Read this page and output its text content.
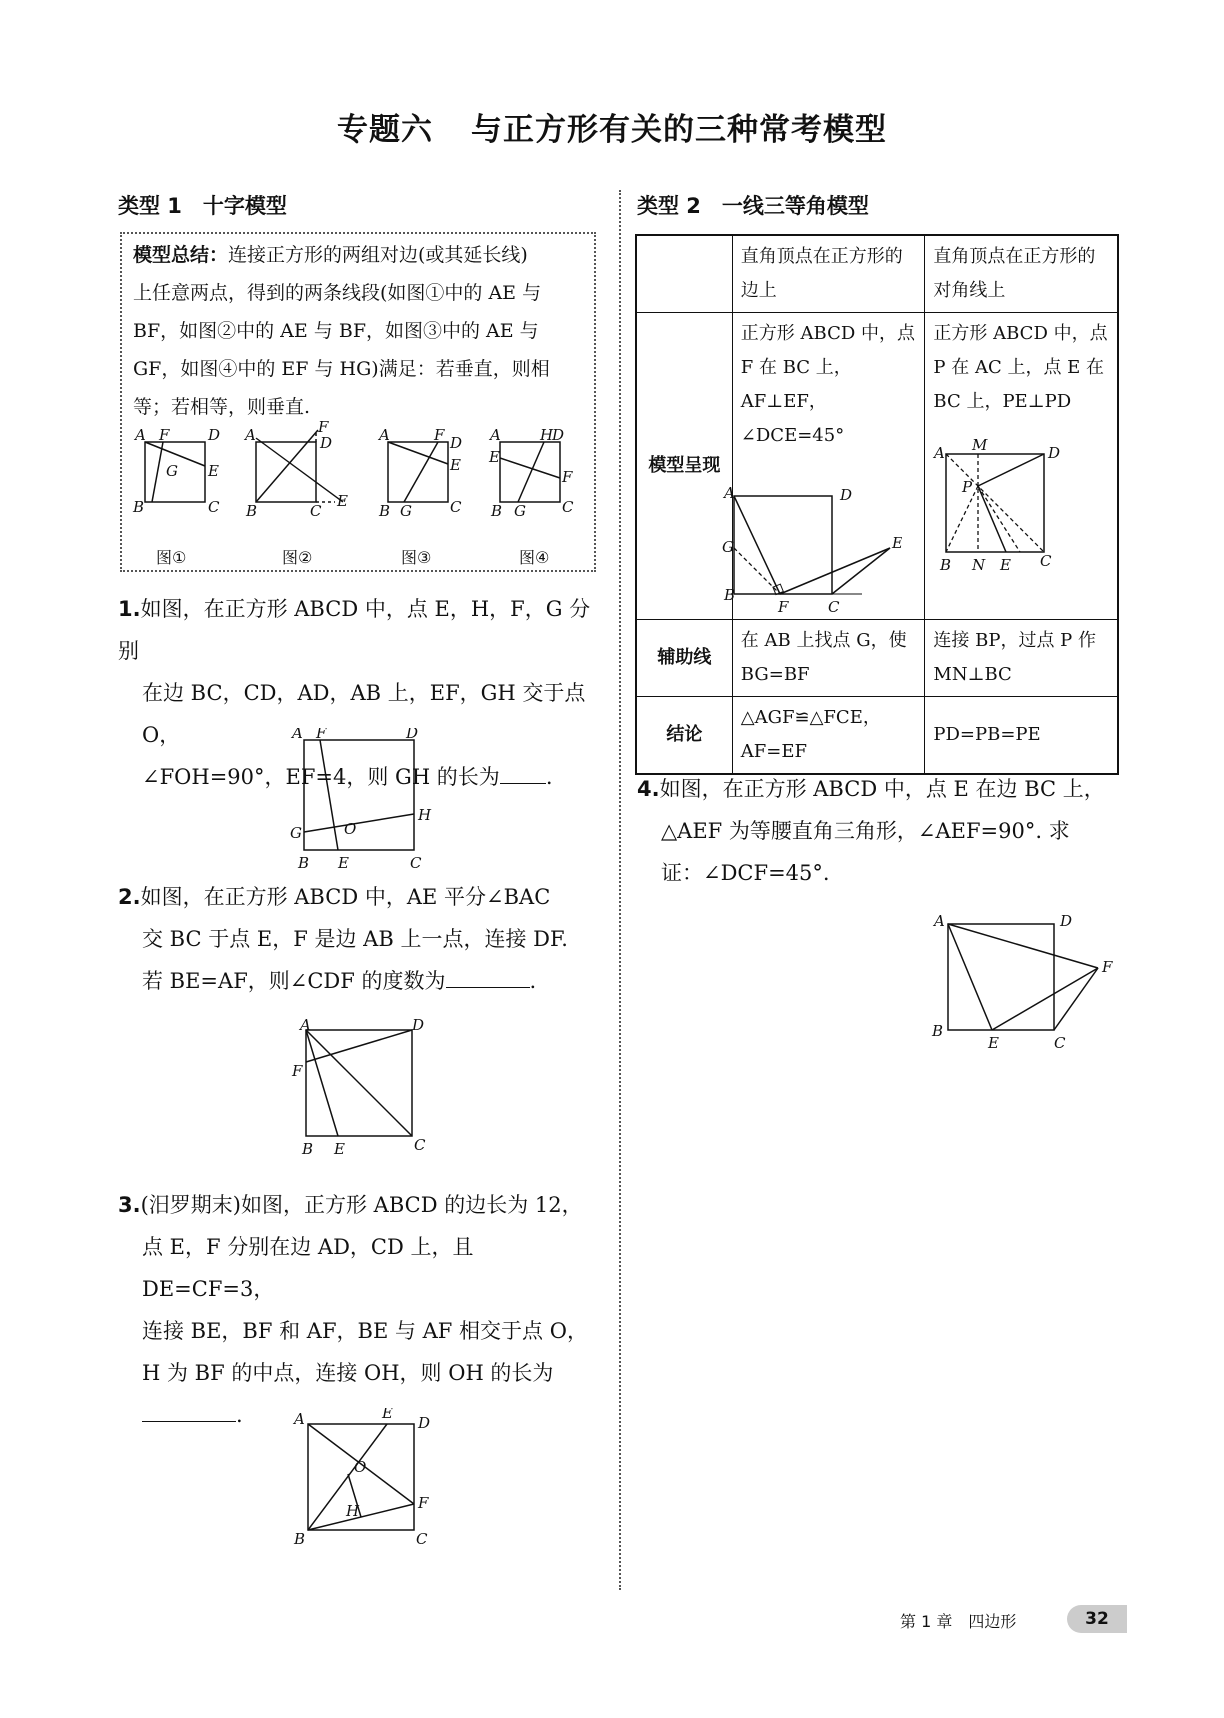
专题六 与正方形有关的三种常考模型
类型 1　十字模型	类型 2　一线三等角模型
模型总结：连接正方形的两组对边(或其延长线)
上任意两点，得到的两条线段(如图①中的 AE 与
BF，如图②中的 AE 与 BF，如图③中的 AE 与
GF，如图④中的 EF 与 HG)满足：若垂直，则相
等；若相等，则垂直.
A F	D
G E
B	C
A	F
D
E
B	C
A	F D
E
B G	C
A	H
D
E
F
B G C
图①	图②	图③	图④
1.如图，在正方形 ABCD 中，点 E，H，F，G 分别
在边 BC，CD，AD，AB 上，EF，GH 交于点 O，
∠FOH=90°，EF=4，则 GH 的长为 .
A F	D
H
O
G
B E	C
2.如图，在正方形 ABCD 中，AE 平分∠BAC
交 BC 于点 E，F 是边 AB 上一点，连接 DF.
若 BE=AF，则∠CDF 的度数为	.
A	D
F
B E	C
3.(汨罗期末)如图，正方形 ABCD 的边长为 12，
点 E，F 分别在边 AD，CD 上，且 DE=CF=3，
连接 BE，BF 和 AF，BE 与 AF 相交于点 O，
H 为 BF 的中点，连接 OH，则 OH 的长为
.	A	E
D
O
H	F
B	C
	直角顶点在正方形的边上	直角顶点在正方形的对角线上
模型呈现	正方形 ABCD 中，点 F 在 BC 上，AF⊥EF，∠DCE=45°	正方形 ABCD 中，点 P 在 AC 上，点 E 在 BC 上，PE⊥PD

辅助线	在 AB 上找点 G，使 BG=BF	连接 BP，过点 P 作 MN⊥BC
结论	△AGF≌△FCE，AF=EF	PD=PB=PE
A	D
G	E
B
F	C
A M	D
P
B N E C
4.如图，在正方形 ABCD 中，点 E 在边 BC 上，
△AEF 为等腰直角三角形，∠AEF=90°. 求
证：∠DCF=45°.
A	D
F
B
E	C
第 1 章　四边形	32
